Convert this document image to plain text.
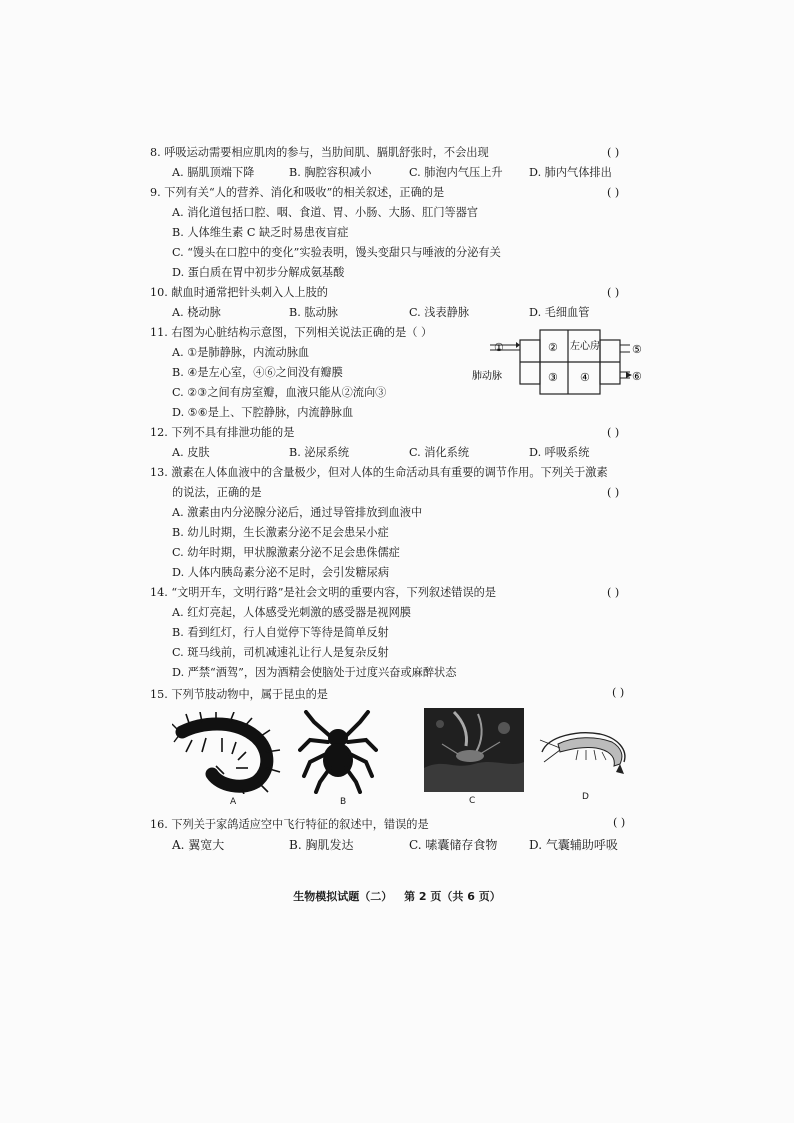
8. 呼吸运动需要相应肌肉的参与，当肋间肌、膈肌舒张时，不会出现	( )
A. 膈肌顶端下降	B. 胸腔容积减小	C. 肺泡内气压上升 D. 肺内气体排出
9. 下列有关“人的营养、消化和吸收”的相关叙述，正确的是	( )
A. 消化道包括口腔、咽、食道、胃、小肠、大肠、肛门等器官
B. 人体维生素 C 缺乏时易患夜盲症
C. “馒头在口腔中的变化”实验表明，馒头变甜只与唾液的分泌有关
D. 蛋白质在胃中初步分解成氨基酸
10. 献血时通常把针头刺入人上肢的	( )
A. 桡动脉	B. 肱动脉	C. 浅表静脉	D. 毛细血管
11. 右图为心脏结构示意图，下列相关说法正确的是（ ）
A. ①是肺静脉，内流动脉血
B. ④是左心室，④⑥之间没有瓣膜
C. ②③之间有房室瓣，血液只能从②流向③
D. ⑤⑥是上、下腔静脉，内流静脉血
①	② 左心房	⑤
肺动脉	③ ④	⑥
12. 下列不具有排泄功能的是	( )
A. 皮肤	B. 泌尿系统	C. 消化系统	D. 呼吸系统
13. 激素在人体血液中的含量极少，但对人体的生命活动具有重要的调节作用。下列关于激素
的说法，正确的是	( )
A. 激素由内分泌腺分泌后，通过导管排放到血液中
B. 幼儿时期，生长激素分泌不足会患呆小症
C. 幼年时期，甲状腺激素分泌不足会患侏儒症
D. 人体内胰岛素分泌不足时，会引发糖尿病
14. “文明开车，文明行路”是社会文明的重要内容，下列叙述错误的是	( )
A. 红灯亮起，人体感受光刺激的感受器是视网膜
B. 看到红灯，行人自觉停下等待是简单反射
C. 斑马线前，司机减速礼让行人是复杂反射
D. 严禁“酒驾”，因为酒精会使脑处于过度兴奋或麻醉状态
15. 下列节肢动物中，属于昆虫的是	( )
A	B	C	D
16. 下列关于家鸽适应空中飞行特征的叙述中，错误的是	( )
A. 翼宽大	B. 胸肌发达	C. 嗉囊储存食物	D. 气囊辅助呼吸
生物模拟试题（二） 第 2 页（共 6 页）
